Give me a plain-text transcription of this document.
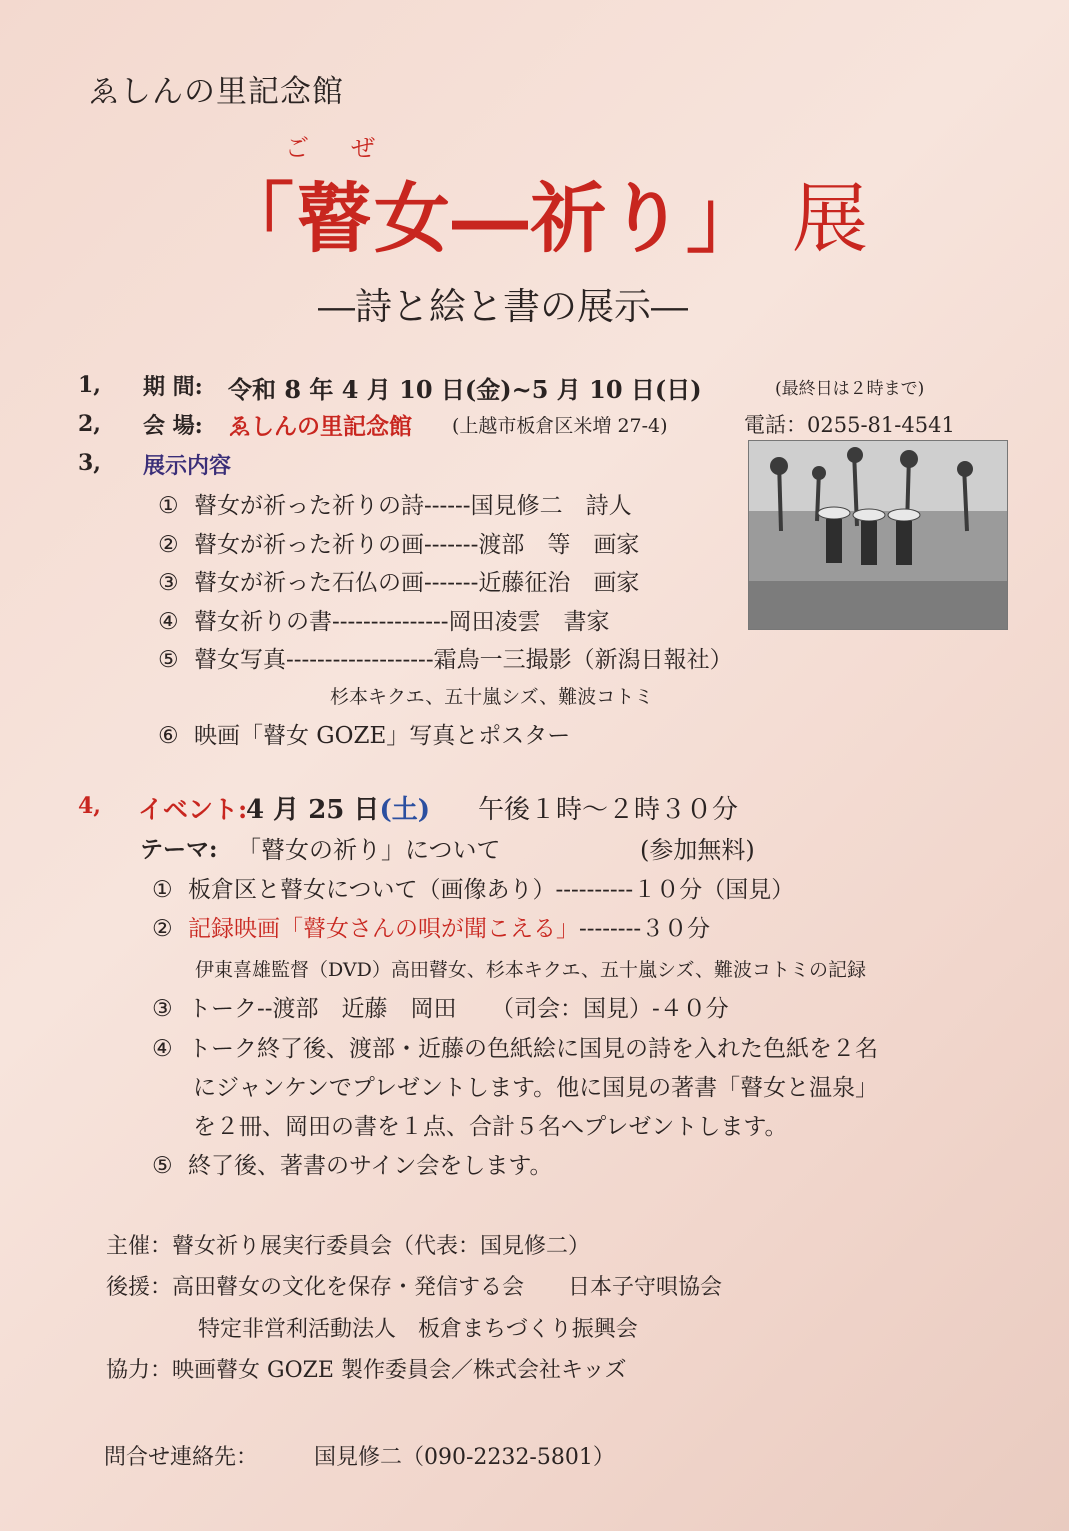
ゑしんの里記念館
ごぜ
「瞽女―祈り」 展
―詩と絵と書の展示―
1, 期 間: 令和 8 年 4 月 10 日(金)~5 月 10 日(日)	(最終日は２時まで)
2, 会 場: ゑしんの里記念館 (上越市板倉区米増 27-4)	電話：0255-81-4541
3, 展示内容
① 瞽女が祈った祈りの詩------国見修二　詩人
② 瞽女が祈った祈りの画-------渡部　等　画家
③ 瞽女が祈った石仏の画-------近藤征治　画家
④ 瞽女祈りの書---------------岡田凌雲　書家
⑤ 瞽女写真-------------------霜鳥一三撮影（新潟日報社）
杉本キクエ、五十嵐シズ、難波コトミ
⑥ 映画「瞽女 GOZE」写真とポスター
4, イベント:
4 月 25 日(土) 午後１時～２時３０分
テーマ: 「瞽女の祈り」について	(参加無料)
① 板倉区と瞽女について（画像あり）----------１０分（国見）
② 記録映画「瞽女さんの唄が聞こえる」--------３０分
伊東喜雄監督（DVD）高田瞽女、杉本キクエ、五十嵐シズ、難波コトミの記録
③ トーク--渡部　近藤　岡田　　（司会：国見）-４０分
④ トーク終了後、渡部・近藤の色紙絵に国見の詩を入れた色紙を２名
にジャンケンでプレゼントします。他に国見の著書「瞽女と温泉」
を２冊、岡田の書を１点、合計５名へプレゼントします。
⑤ 終了後、著書のサイン会をします。
主催：瞽女祈り展実行委員会（代表：国見修二）
後援：高田瞽女の文化を保存・発信する会　　日本子守唄協会
特定非営利活動法人　板倉まちづくり振興会
協力：映画瞽女 GOZE 製作委員会／株式会社キッズ
問合せ連絡先：	国見修二（090-2232-5801）
